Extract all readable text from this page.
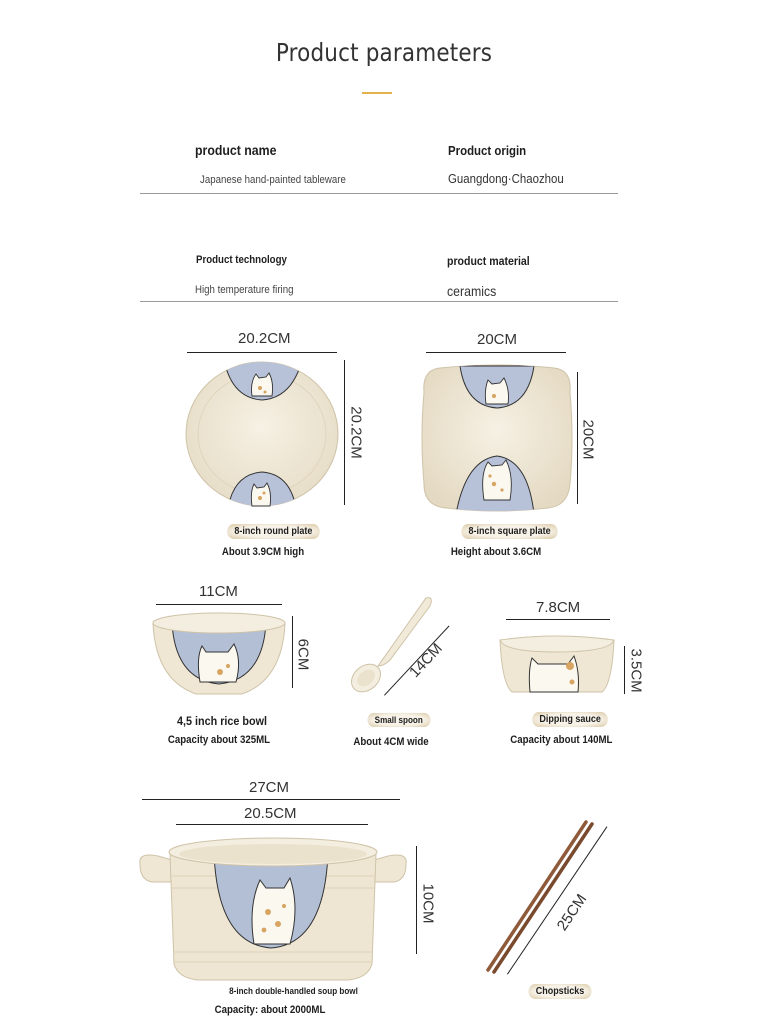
Product parameters
product name
Japanese hand-painted tableware
Product origin
Guangdong·Chaozhou
Product technology
High temperature firing
product material
ceramics
20.2CM
20.2CM
8-inch round plate
About 3.9CM high
20CM
20CM
8-inch square plate
Height about 3.6CM
11CM
6CM
4,5 inch rice bowl
Capacity about 325ML
14CM
Small spoon
About 4CM wide
7.8CM
3.5CM
Dipping sauce
Capacity about 140ML
27CM
20.5CM
10CM
8-inch double-handled soup bowl
Capacity: about 2000ML
25CM
Chopsticks
